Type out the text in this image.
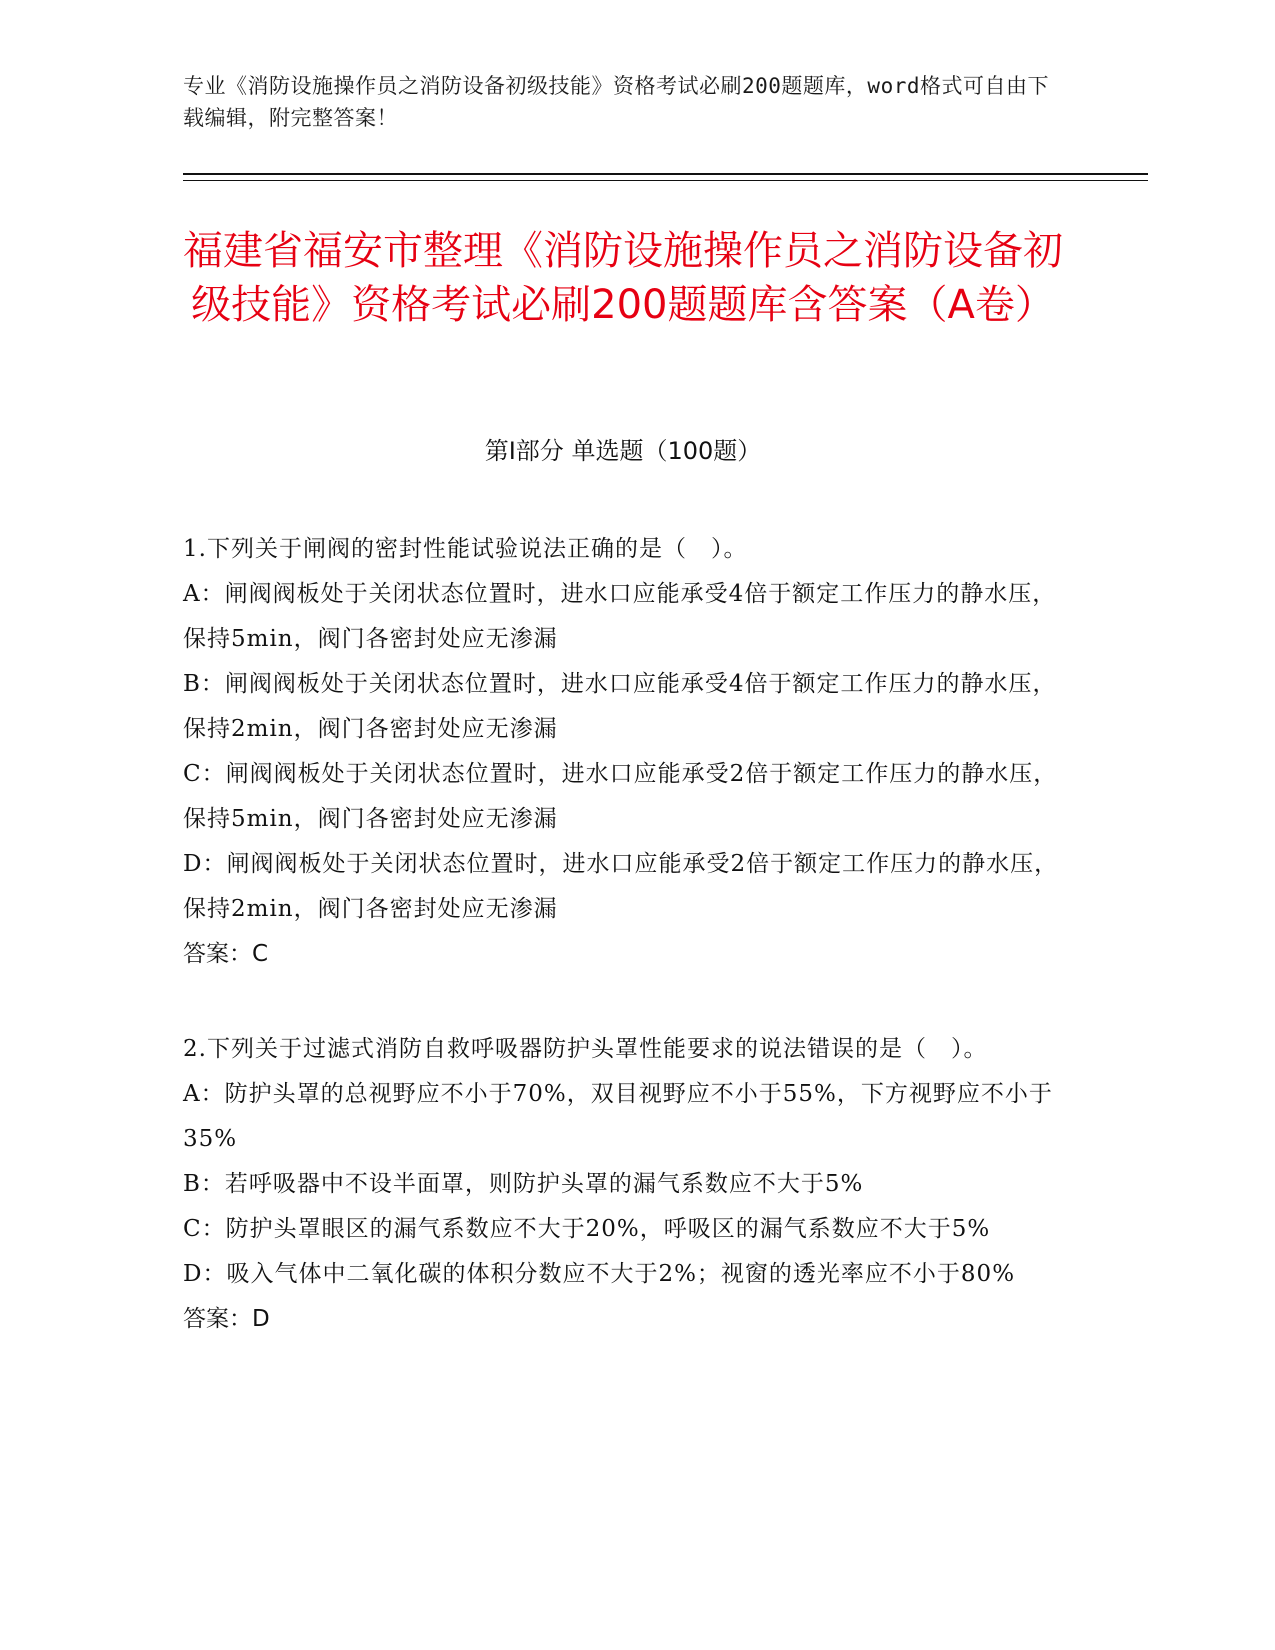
专业《消防设施操作员之消防设备初级技能》资格考试必刷200题题库，word格式可自由下载编辑，附完整答案！
福建省福安市整理《消防设施操作员之消防设备初级技能》资格考试必刷200题题库含答案（A卷）
第Ⅰ部分 单选题（100题）

1.下列关于闸阀的密封性能试验说法正确的是（　）。

A：闸阀阀板处于关闭状态位置时，进水口应能承受4倍于额定工作压力的静水压，保持5min，阀门各密封处应无渗漏

B：闸阀阀板处于关闭状态位置时，进水口应能承受4倍于额定工作压力的静水压，保持2min，阀门各密封处应无渗漏

C：闸阀阀板处于关闭状态位置时，进水口应能承受2倍于额定工作压力的静水压，保持5min，阀门各密封处应无渗漏

D：闸阀阀板处于关闭状态位置时，进水口应能承受2倍于额定工作压力的静水压，保持2min，阀门各密封处应无渗漏

答案：C

2.下列关于过滤式消防自救呼吸器防护头罩性能要求的说法错误的是（　）。

A：防护头罩的总视野应不小于70%，双目视野应不小于55%，下方视野应不小于35%

B：若呼吸器中不设半面罩，则防护头罩的漏气系数应不大于5%

C：防护头罩眼区的漏气系数应不大于20%，呼吸区的漏气系数应不大于5%

D：吸入气体中二氧化碳的体积分数应不大于2%；视窗的透光率应不小于80%

答案：D
